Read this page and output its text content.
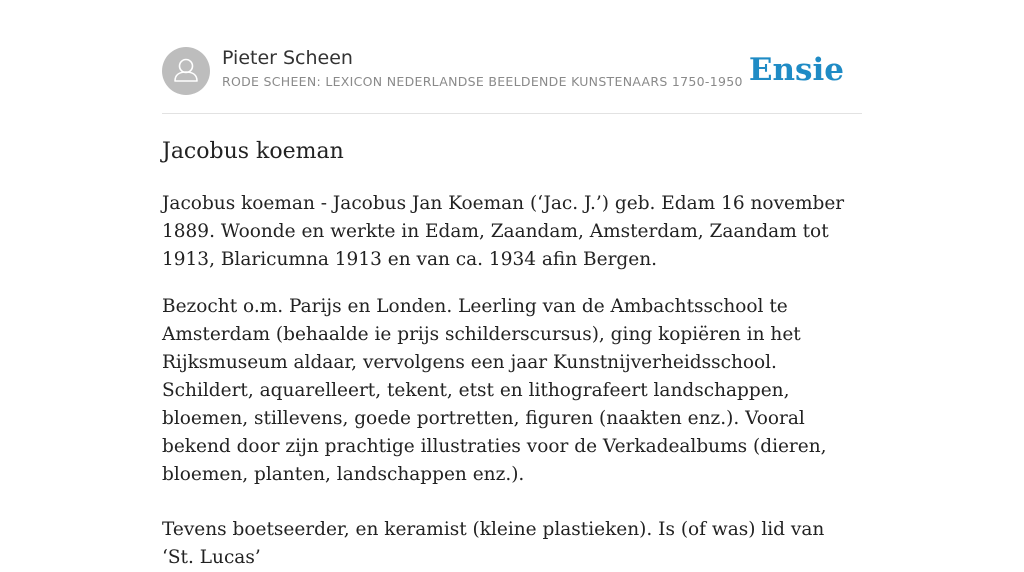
Pieter Scheen
RODE SCHEEN: LEXICON NEDERLANDSE BEELDENDE KUNSTENAARS 1750-1950 Ensie
Jacobus koeman

Jacobus koeman - Jacobus Jan Koeman (‘Jac. J.’) geb. Edam 16 november 1889. Woonde en werkte in Edam, Zaandam, Amsterdam, Zaandam tot 1913, Blaricumna 1913 en van ca. 1934 afin Bergen.

Bezocht o.m. Parijs en Londen. Leerling van de Ambachtsschool te Amsterdam (behaalde ie prijs schilderscursus), ging kopiëren in het Rijksmuseum aldaar, vervolgens een jaar Kunstnijverheidsschool. Schildert, aquarelleert, tekent, etst en lithografeert landschappen, bloemen, stillevens, goede portretten, figuren (naakten enz.). Vooral bekend door zijn prachtige illustraties voor de Verkadealbums (dieren, bloemen, planten, landschappen enz.).

Tevens boetseerder, en keramist (kleine plastieken). Is (of was) lid van ‘St. Lucas’
